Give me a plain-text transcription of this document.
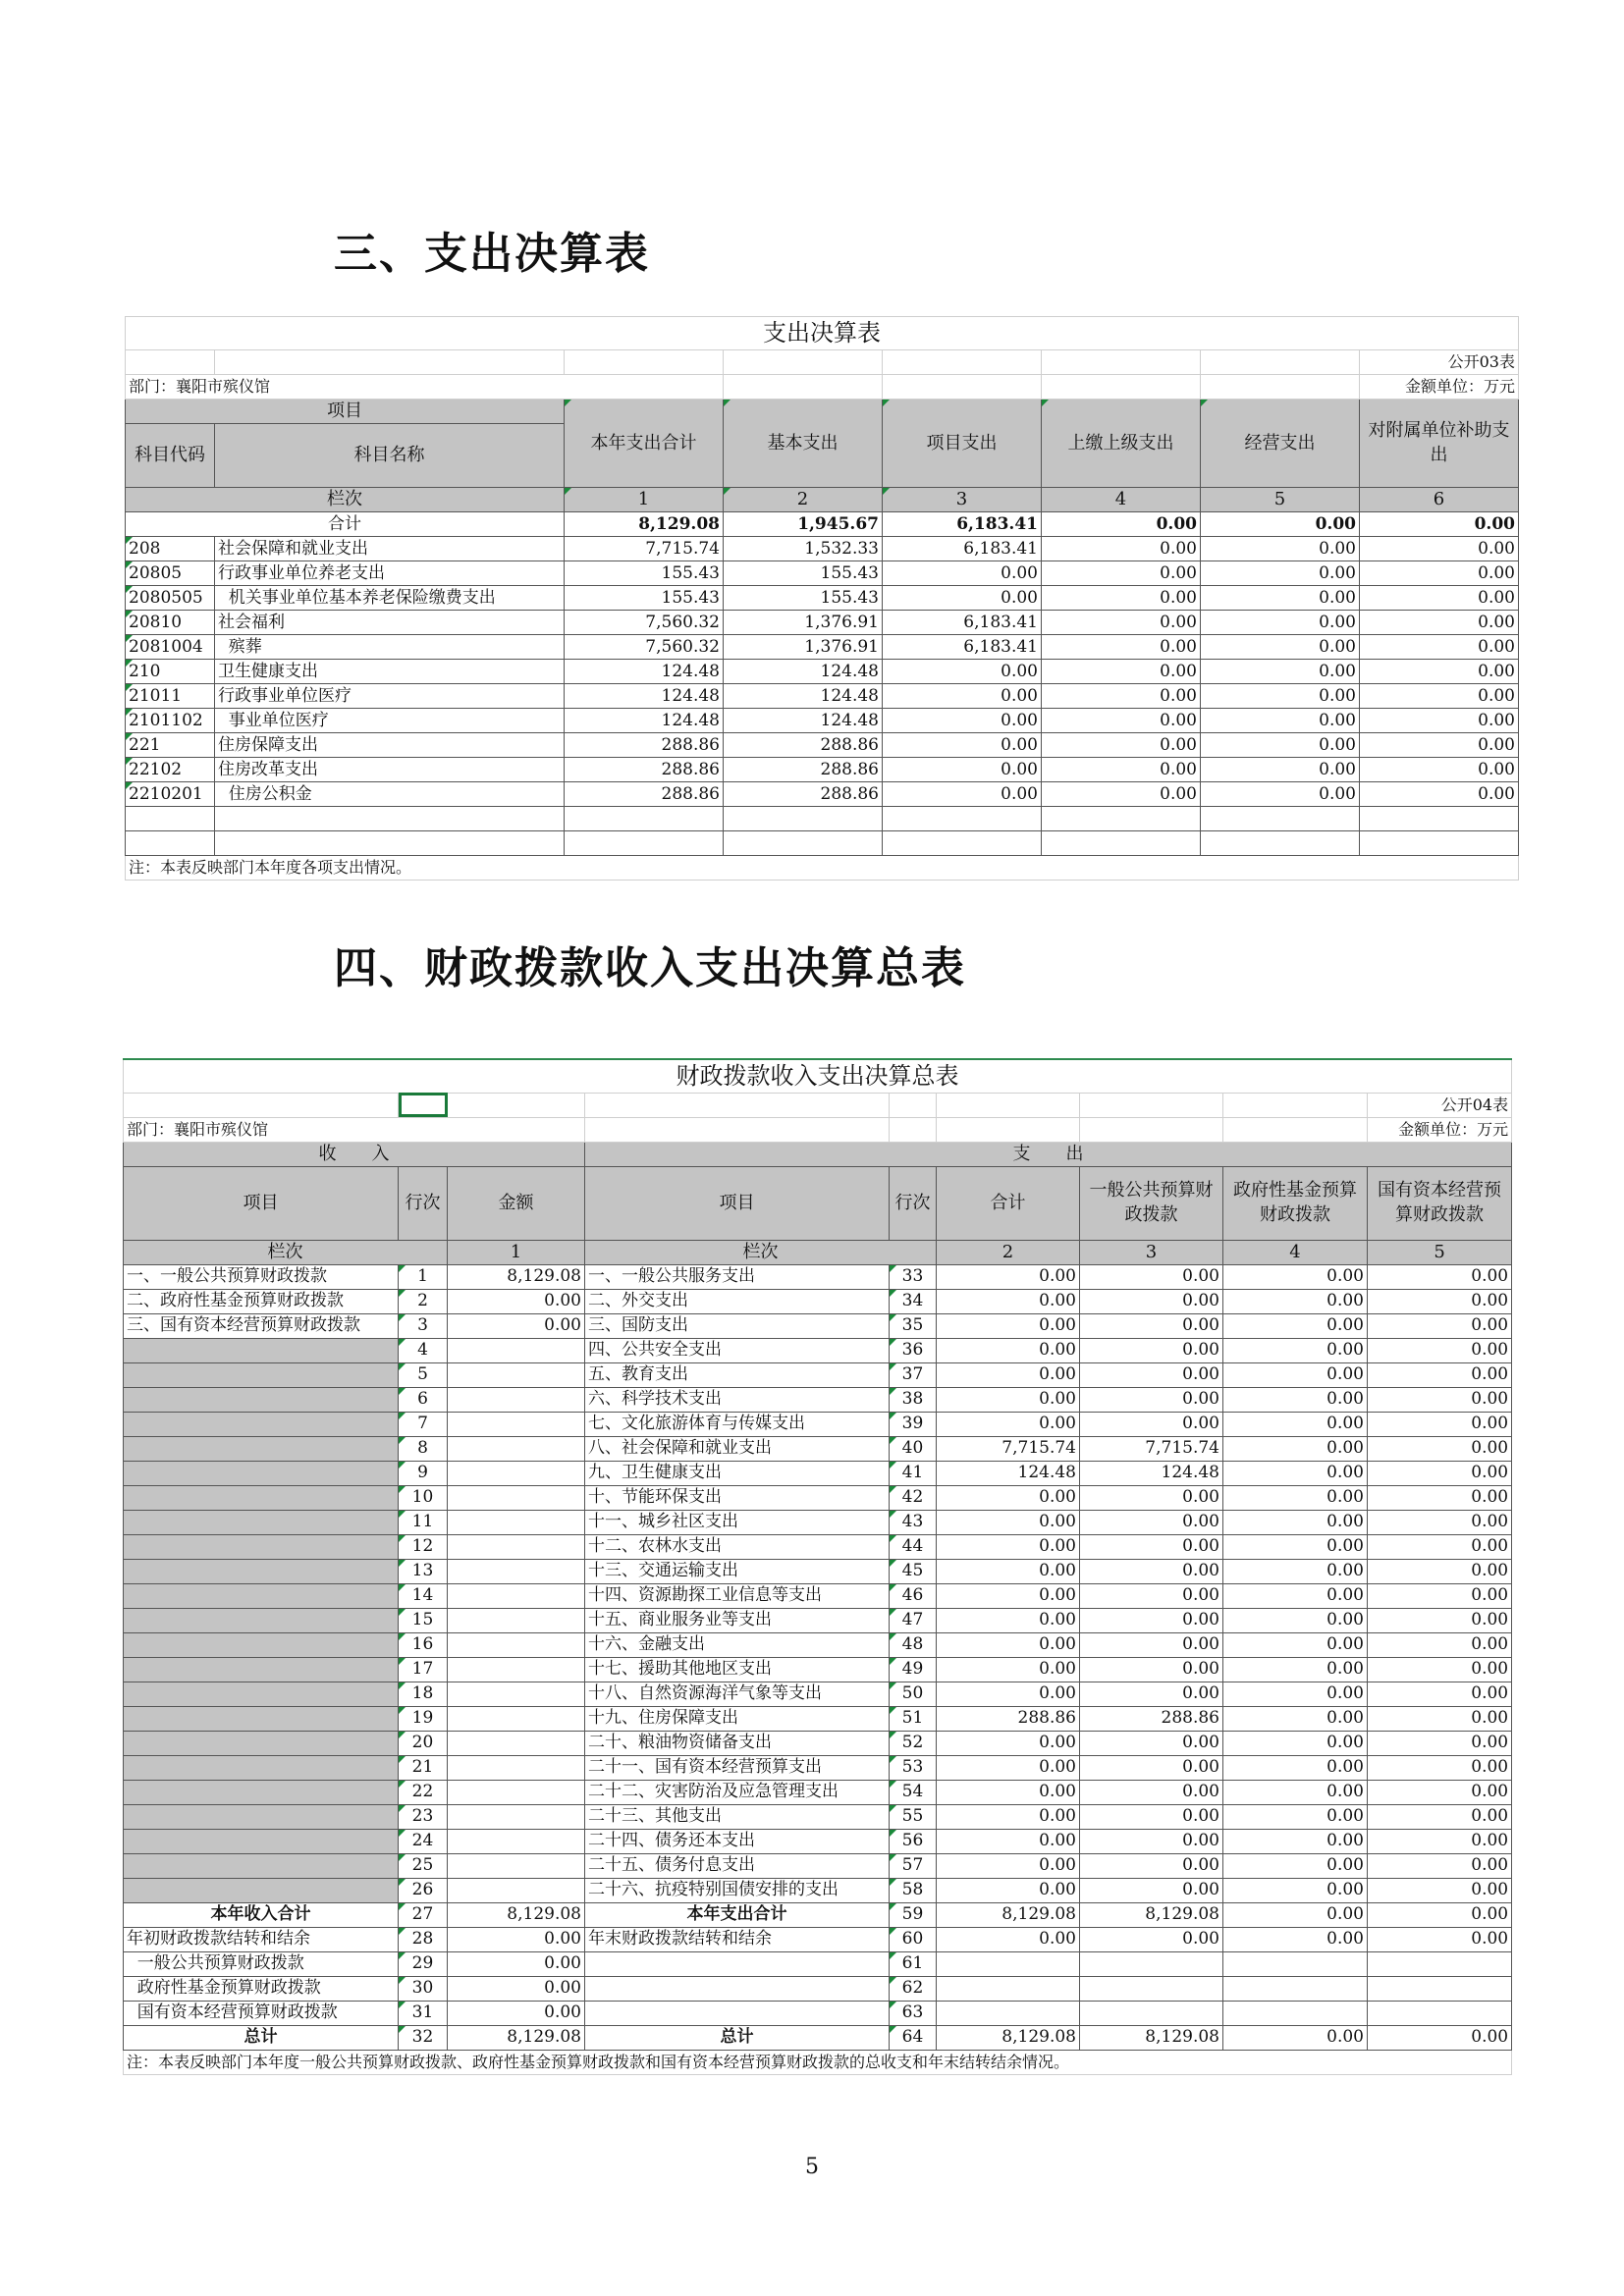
三、支出决算表
支出决算表							
							公开03表
部门：襄阳市殡仪馆							金额单位：万元
项目		本年支出合计	基本支出	项目支出	上缴上级支出	经营支出	对附属单位补助支出
科目代码	科目名称						
栏次		1	2	3	4	5	6
合计		8,129.08	1,945.67	6,183.41	0.00	0.00	0.00
208	社会保障和就业支出	7,715.74	1,532.33	6,183.41	0.00	0.00	0.00
20805	行政事业单位养老支出	155.43	155.43	0.00	0.00	0.00	0.00
2080505	机关事业单位基本养老保险缴费支出	155.43	155.43	0.00	0.00	0.00	0.00
20810	社会福利	7,560.32	1,376.91	6,183.41	0.00	0.00	0.00
2081004	殡葬	7,560.32	1,376.91	6,183.41	0.00	0.00	0.00
210	卫生健康支出	124.48	124.48	0.00	0.00	0.00	0.00
21011	行政事业单位医疗	124.48	124.48	0.00	0.00	0.00	0.00
2101102	事业单位医疗	124.48	124.48	0.00	0.00	0.00	0.00
221	住房保障支出	288.86	288.86	0.00	0.00	0.00	0.00
22102	住房改革支出	288.86	288.86	0.00	0.00	0.00	0.00
2210201	住房公积金	288.86	288.86	0.00	0.00	0.00	0.00

注：本表反映部门本年度各项支出情况。							
四、财政拨款收入支出决算总表
财政拨款收入支出决算总表								
								公开04表
部门：襄阳市殡仪馆								金额单位：万元
收　　入			支　　出					
项目	行次	金额	项目	行次	合计	一般公共预算财政拨款	政府性基金预算财政拨款	国有资本经营预算财政拨款
栏次		1	栏次		2	3	4	5
一、一般公共预算财政拨款	1	8,129.08	一、一般公共服务支出	33	0.00	0.00	0.00	0.00
二、政府性基金预算财政拨款	2	0.00	二、外交支出	34	0.00	0.00	0.00	0.00
三、国有资本经营预算财政拨款	3	0.00	三、国防支出	35	0.00	0.00	0.00	0.00
	4		四、公共安全支出	36	0.00	0.00	0.00	0.00
	5		五、教育支出	37	0.00	0.00	0.00	0.00
	6		六、科学技术支出	38	0.00	0.00	0.00	0.00
	7		七、文化旅游体育与传媒支出	39	0.00	0.00	0.00	0.00
	8		八、社会保障和就业支出	40	7,715.74	7,715.74	0.00	0.00
	9		九、卫生健康支出	41	124.48	124.48	0.00	0.00
	10		十、节能环保支出	42	0.00	0.00	0.00	0.00
	11		十一、城乡社区支出	43	0.00	0.00	0.00	0.00
	12		十二、农林水支出	44	0.00	0.00	0.00	0.00
	13		十三、交通运输支出	45	0.00	0.00	0.00	0.00
	14		十四、资源勘探工业信息等支出	46	0.00	0.00	0.00	0.00
	15		十五、商业服务业等支出	47	0.00	0.00	0.00	0.00
	16		十六、金融支出	48	0.00	0.00	0.00	0.00
	17		十七、援助其他地区支出	49	0.00	0.00	0.00	0.00
	18		十八、自然资源海洋气象等支出	50	0.00	0.00	0.00	0.00
	19		十九、住房保障支出	51	288.86	288.86	0.00	0.00
	20		二十、粮油物资储备支出	52	0.00	0.00	0.00	0.00
	21		二十一、国有资本经营预算支出	53	0.00	0.00	0.00	0.00
	22		二十二、灾害防治及应急管理支出	54	0.00	0.00	0.00	0.00
	23		二十三、其他支出	55	0.00	0.00	0.00	0.00
	24		二十四、债务还本支出	56	0.00	0.00	0.00	0.00
	25		二十五、债务付息支出	57	0.00	0.00	0.00	0.00
	26		二十六、抗疫特别国债安排的支出	58	0.00	0.00	0.00	0.00
本年收入合计	27	8,129.08	本年支出合计	59	8,129.08	8,129.08	0.00	0.00
年初财政拨款结转和结余	28	0.00	年末财政拨款结转和结余	60	0.00	0.00	0.00	0.00
一般公共预算财政拨款	29	0.00		61				
政府性基金预算财政拨款	30	0.00		62				
国有资本经营预算财政拨款	31	0.00		63				
总计	32	8,129.08	总计	64	8,129.08	8,129.08	0.00	0.00
注：本表反映部门本年度一般公共预算财政拨款、政府性基金预算财政拨款和国有资本经营预算财政拨款的总收支和年末结转结余情况。								
5
